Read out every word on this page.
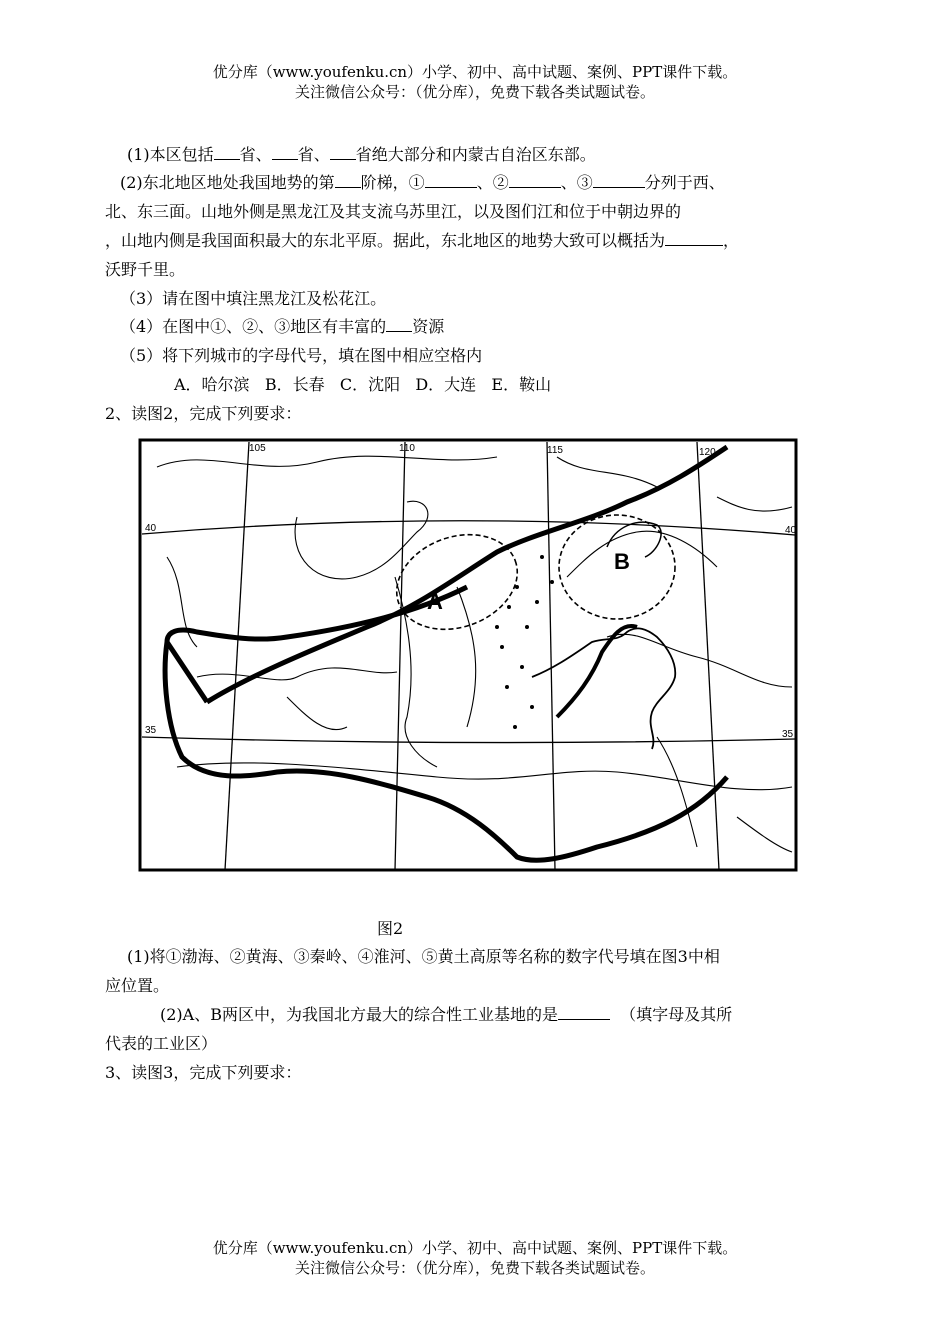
优分库（www.youfenku.cn）小学、初中、高中试题、案例、PPT课件下载。
关注微信公众号：（优分库），免费下载各类试题试卷。
(1)本区包括 省、 省、 省绝大部分和内蒙古自治区东部。
(2)东北地区地处我国地势的第 阶梯，①	、②	、③	分列于西、
北、东三面。山地外侧是黑龙江及其支流乌苏里江，以及图们江和位于中朝边界的
，山地内侧是我国面积最大的东北平原。据此，东北地区的地势大致可以概括为	，
沃野千里。
（3）请在图中填注黑龙江及松花江。
（4）在图中①、②、③地区有丰富的 资源
（5）将下列城市的字母代号，填在图中相应空格内
A．哈尔滨   B．长春   C．沈阳   D．大连   E．鞍山
2、读图2，完成下列要求：
105	110	115	120
40	40
35	35
A
B
图2
(1)将①渤海、②黄海、③秦岭、④淮河、⑤黄土高原等名称的数字代号填在图3中相
应位置。
(2)A、B两区中，为我国北方最大的综合性工业基地的是	（填字母及其所
代表的工业区）
3、读图3，完成下列要求：
优分库（www.youfenku.cn）小学、初中、高中试题、案例、PPT课件下载。
关注微信公众号：（优分库），免费下载各类试题试卷。
